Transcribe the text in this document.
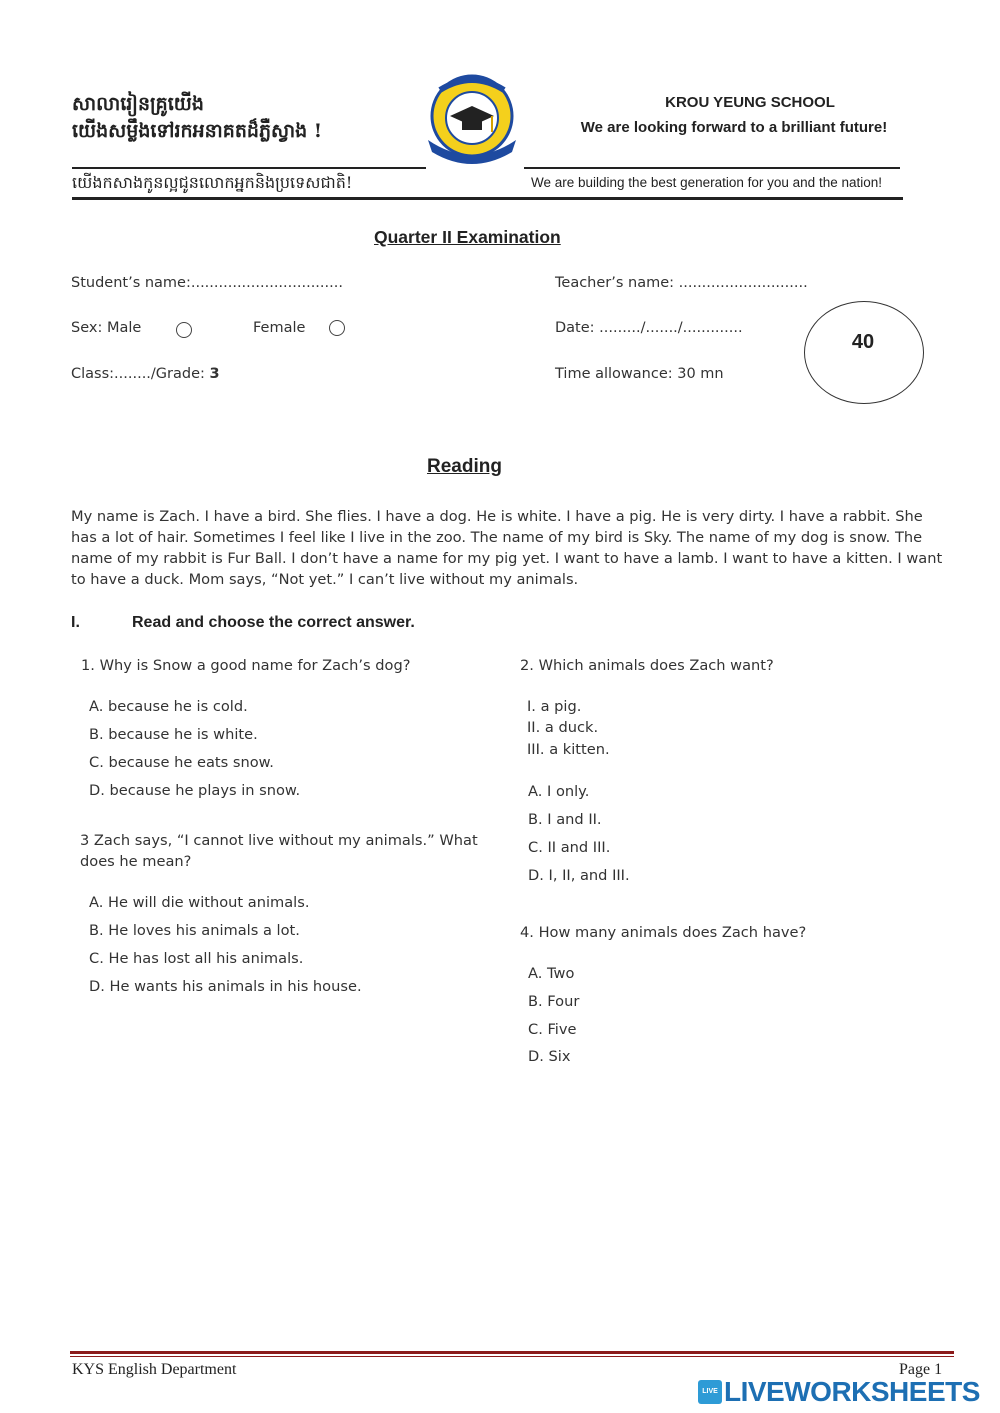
សាលារៀនគ្រូយើង
យើងសម្លឹងទៅរកអនាគតដ៏ភ្លឺស្វាង !
KROU YEUNG SCHOOL
We are looking forward to a brilliant future!
យើងកសាងកូនល្អជូនលោកអ្នកនិងប្រទេសជាតិ!	We are building the best generation for you and the nation!
Quarter II Examination
Student’s name:.................................	Teacher’s name: ............................
Sex: Male	Female	Date: ........./......./.............
Class:......../Grade: 3	Time allowance: 30 mn
40
Reading
My name is Zach. I have a bird. She flies. I have a dog. He is white. I have a pig. He is very dirty. I have a rabbit. She has a lot of hair. Sometimes I feel like I live in the zoo. The name of my bird is Sky. The name of my dog is snow. The name of my rabbit is Fur Ball. I don’t have a name for my pig yet. I want to have a lamb. I want to have a kitten. I want to have a duck. Mom says, “Not yet.” I can’t live without my animals.
I.	Read and choose the correct answer.
1. Why is Snow a good name for Zach’s dog?
A. because he is cold.
B. because he is white.
C. because he eats snow.
D. because he plays in snow.
3 Zach says, “I cannot live without my animals.” What
does he mean?
A. He will die without animals.
B. He loves his animals a lot.
C. He has lost all his animals.
D. He wants his animals in his house.
2. Which animals does Zach want?
I. a pig.
II. a duck.
III. a kitten.
A. I only.
B. I and II.
C. II and III.
D. I, II, and III.
4. How many animals does Zach have?
A. Two
B. Four
C. Five
D. Six
KYS English Department	Page 1
LIVE LIVEWORKSHEETS
